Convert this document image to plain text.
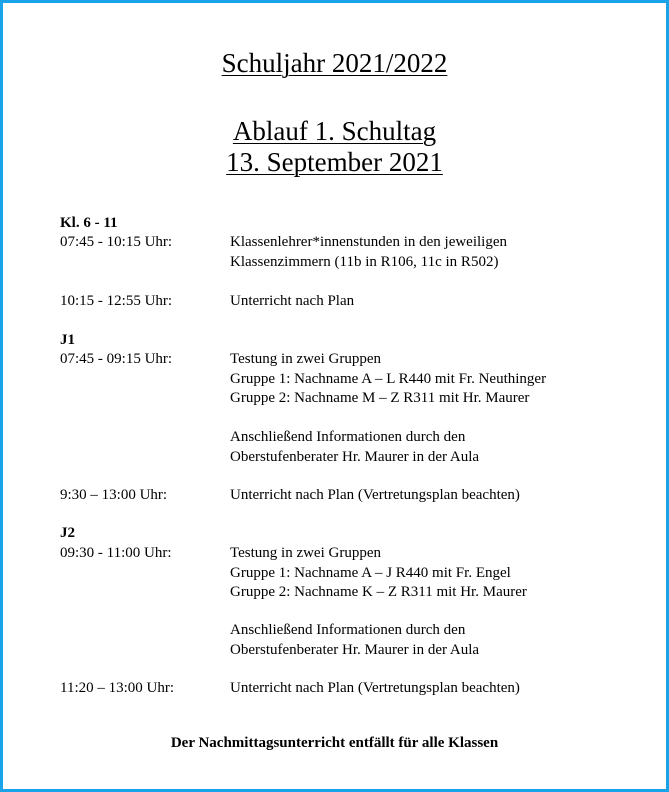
Schuljahr 2021/2022
Ablauf 1. Schultag
13. September 2021
Kl. 6 - 11
07:45 - 10:15 Uhr:	Klassenlehrer*innenstunden in den jeweiligen
Klassenzimmern (11b in R106, 11c in R502)
10:15 - 12:55 Uhr:	Unterricht nach Plan
J1
07:45 - 09:15 Uhr:	Testung in zwei Gruppen
Gruppe 1: Nachname A – L R440 mit Fr. Neuthinger
Gruppe 2: Nachname M – Z R311 mit Hr. Maurer
Anschließend Informationen durch den
Oberstufenberater Hr. Maurer in der Aula
9:30 – 13:00 Uhr:	Unterricht nach Plan (Vertretungsplan beachten)
J2
09:30 - 11:00 Uhr:	Testung in zwei Gruppen
Gruppe 1: Nachname A – J R440 mit Fr. Engel
Gruppe 2: Nachname K – Z R311 mit Hr. Maurer
Anschließend Informationen durch den
Oberstufenberater Hr. Maurer in der Aula
11:20 – 13:00 Uhr:	Unterricht nach Plan (Vertretungsplan beachten)
Der Nachmittagsunterricht entfällt für alle Klassen
